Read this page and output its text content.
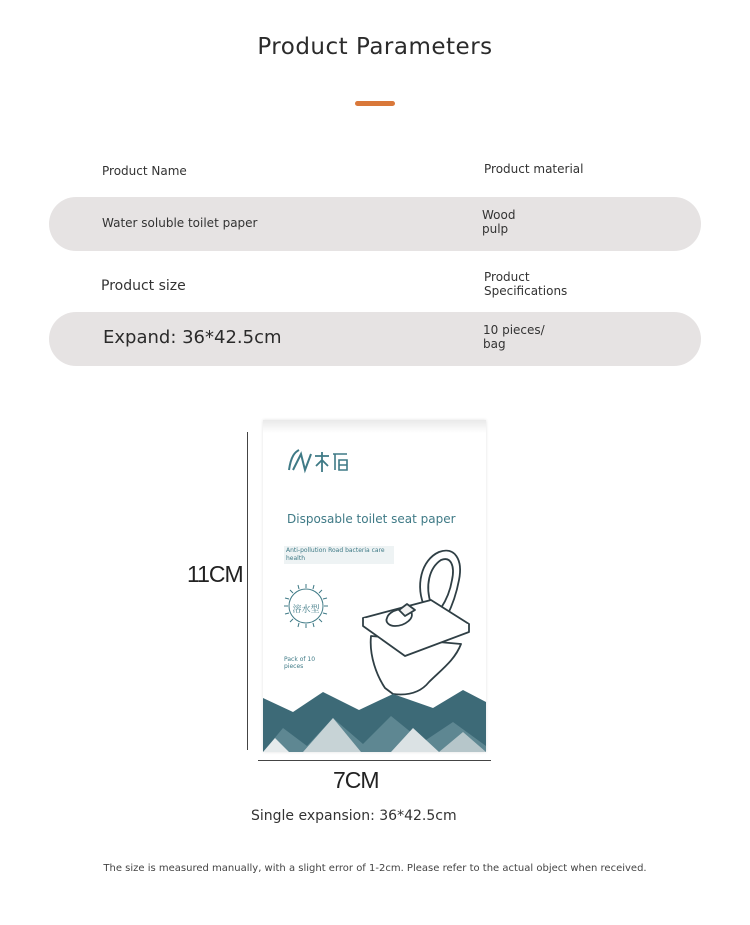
Product Parameters
Product Name	Product material
Water soluble toilet paper
Wood
pulp
Product size
Product
Specifications
Expand: 36*42.5cm	10 pieces/
bag
11CM
7CM
Disposable toilet seat paper
Anti-pollution Road bacteria care
health
溶水型
Pack of 10
pieces
Single expansion: 36*42.5cm
The size is measured manually, with a slight error of 1-2cm. Please refer to the actual object when received.
